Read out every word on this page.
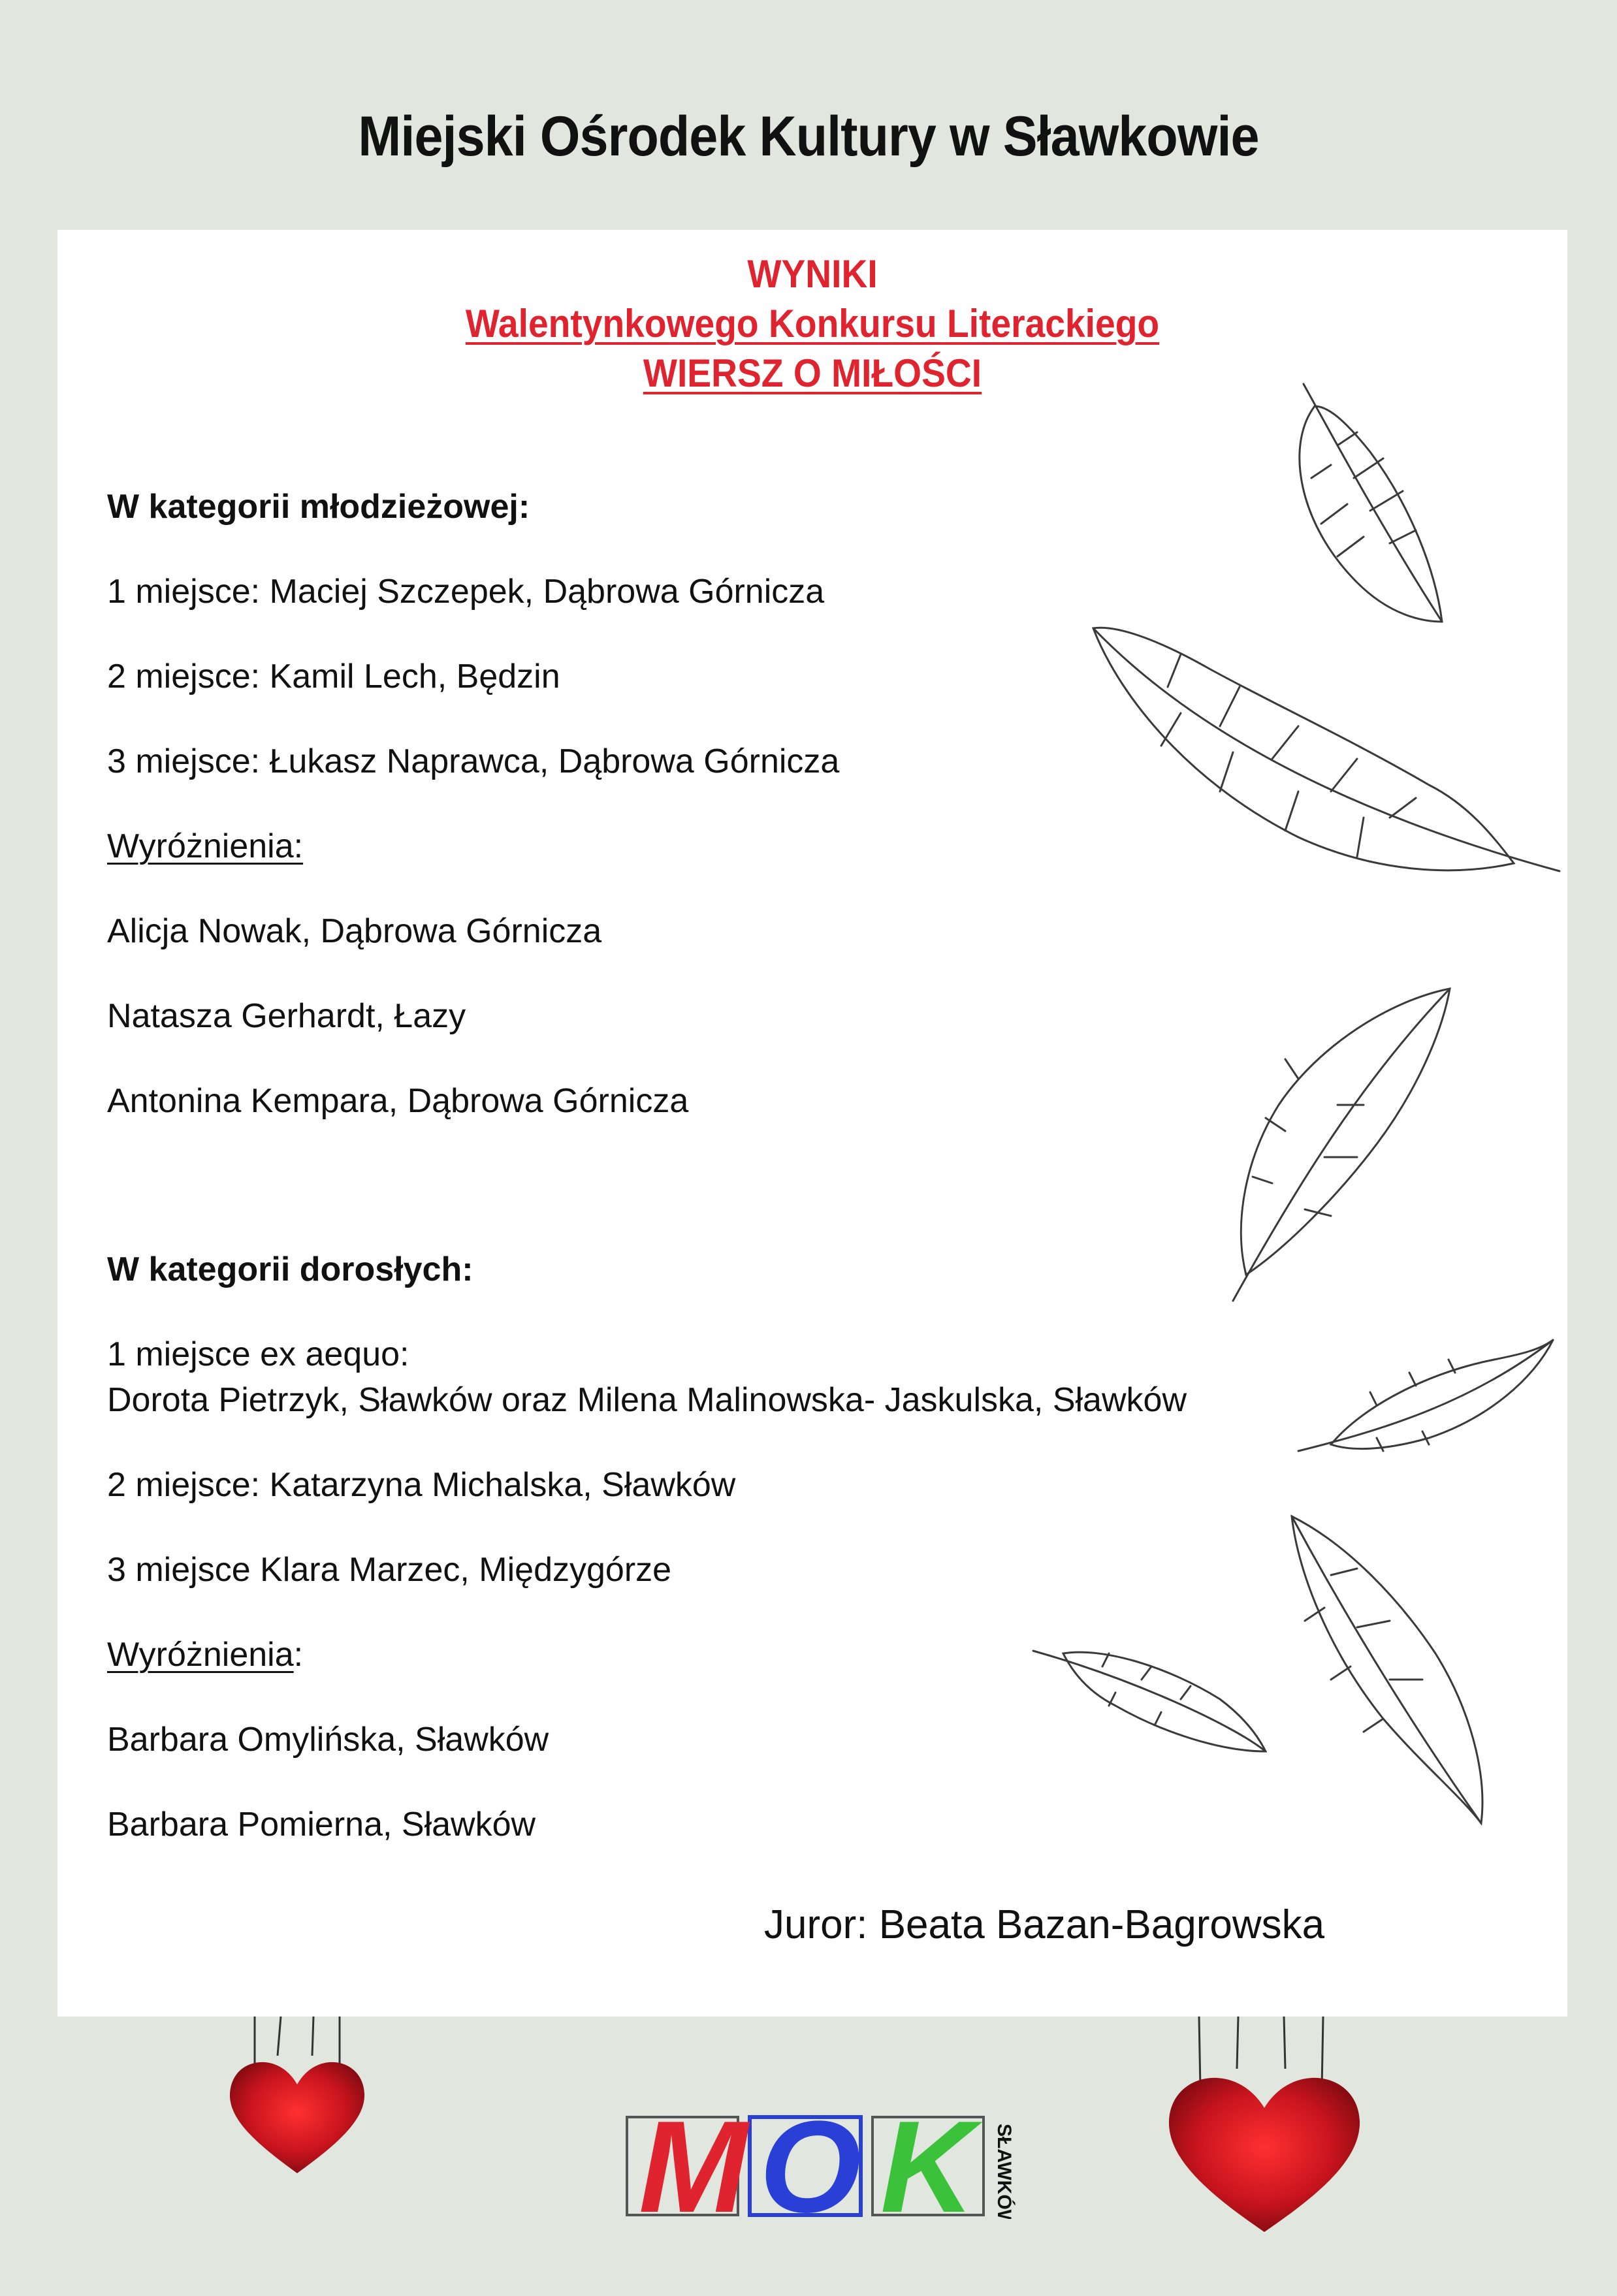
Miejski Ośrodek Kultury w Sławkowie
WYNIKI
Walentynkowego Konkursu Literackiego
WIERSZ O MIŁOŚCI
W kategorii młodzieżowej:
1 miejsce: Maciej Szczepek, Dąbrowa Górnicza
2 miejsce: Kamil Lech, Będzin
3 miejsce: Łukasz Naprawca, Dąbrowa Górnicza
Wyróżnienia:
Alicja Nowak, Dąbrowa Górnicza
Natasza Gerhardt, Łazy
Antonina Kempara, Dąbrowa Górnicza
W kategorii dorosłych:
1 miejsce ex aequo:
Dorota Pietrzyk, Sławków oraz Milena Malinowska- Jaskulska, Sławków
2 miejsce: Katarzyna Michalska, Sławków
3 miejsce Klara Marzec, Międzygórze
Wyróżnienia:
Barbara Omylińska, Sławków
Barbara Pomierna, Sławków
Juror: Beata Bazan-Bagrowska
M O K SŁAWKÓW
